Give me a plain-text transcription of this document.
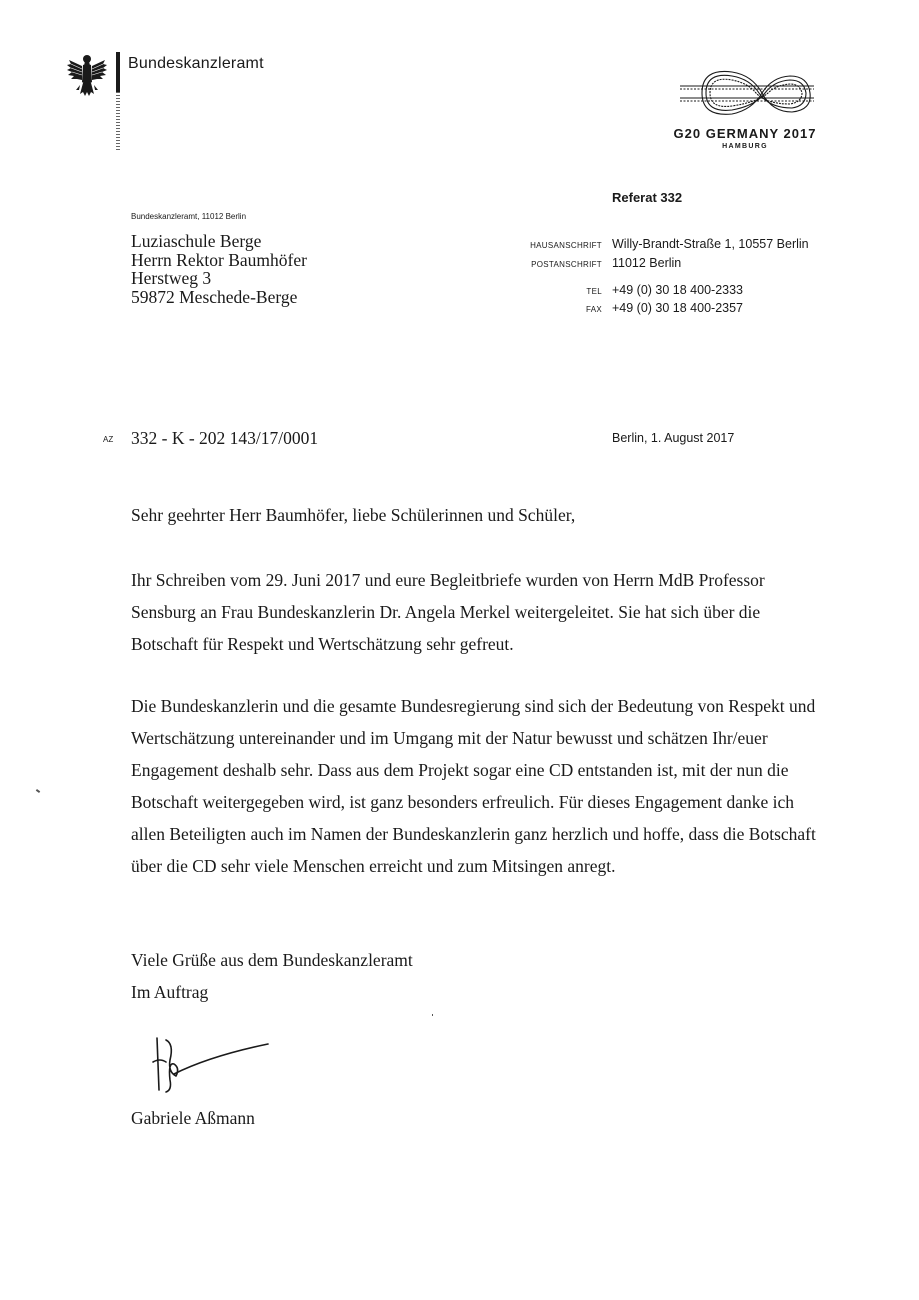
Bundeskanzleramt
G20 GERMANY 2017
HAMBURG
Referat 332
Bundeskanzleramt, 11012 Berlin
Luziaschule Berge
Herrn Rektor Baumhöfer
Herstweg 3
59872 Meschede-Berge
HAUSANSCHRIFT Willy-Brandt-Straße 1, 10557 Berlin
POSTANSCHRIFT 11012 Berlin
TEL +49 (0) 30 18 400-2333
FAX +49 (0) 30 18 400-2357
AZ 332 - K - 202 143/17/0001	Berlin, 1. August 2017
Sehr geehrter Herr Baumhöfer, liebe Schülerinnen und Schüler,
Ihr Schreiben vom 29. Juni 2017 und eure Begleitbriefe wurden von Herrn MdB Professor Sensburg an Frau Bundeskanzlerin Dr. Angela Merkel weitergeleitet. Sie hat sich über die Botschaft für Respekt und Wertschätzung sehr gefreut.
Die Bundeskanzlerin und die gesamte Bundesregierung sind sich der Bedeutung von Respekt und Wertschätzung untereinander und im Umgang mit der Natur bewusst und schätzen Ihr/euer Engagement deshalb sehr. Dass aus dem Projekt sogar eine CD entstanden ist, mit der nun die Botschaft weitergegeben wird, ist ganz besonders erfreulich. Für dieses Engagement danke ich allen Beteiligten auch im Namen der Bundeskanzlerin ganz herzlich und hoffe, dass die Botschaft über die CD sehr viele Menschen erreicht und zum Mitsingen anregt.
Viele Grüße aus dem Bundeskanzleramt
Im Auftrag
Gabriele Aßmann
